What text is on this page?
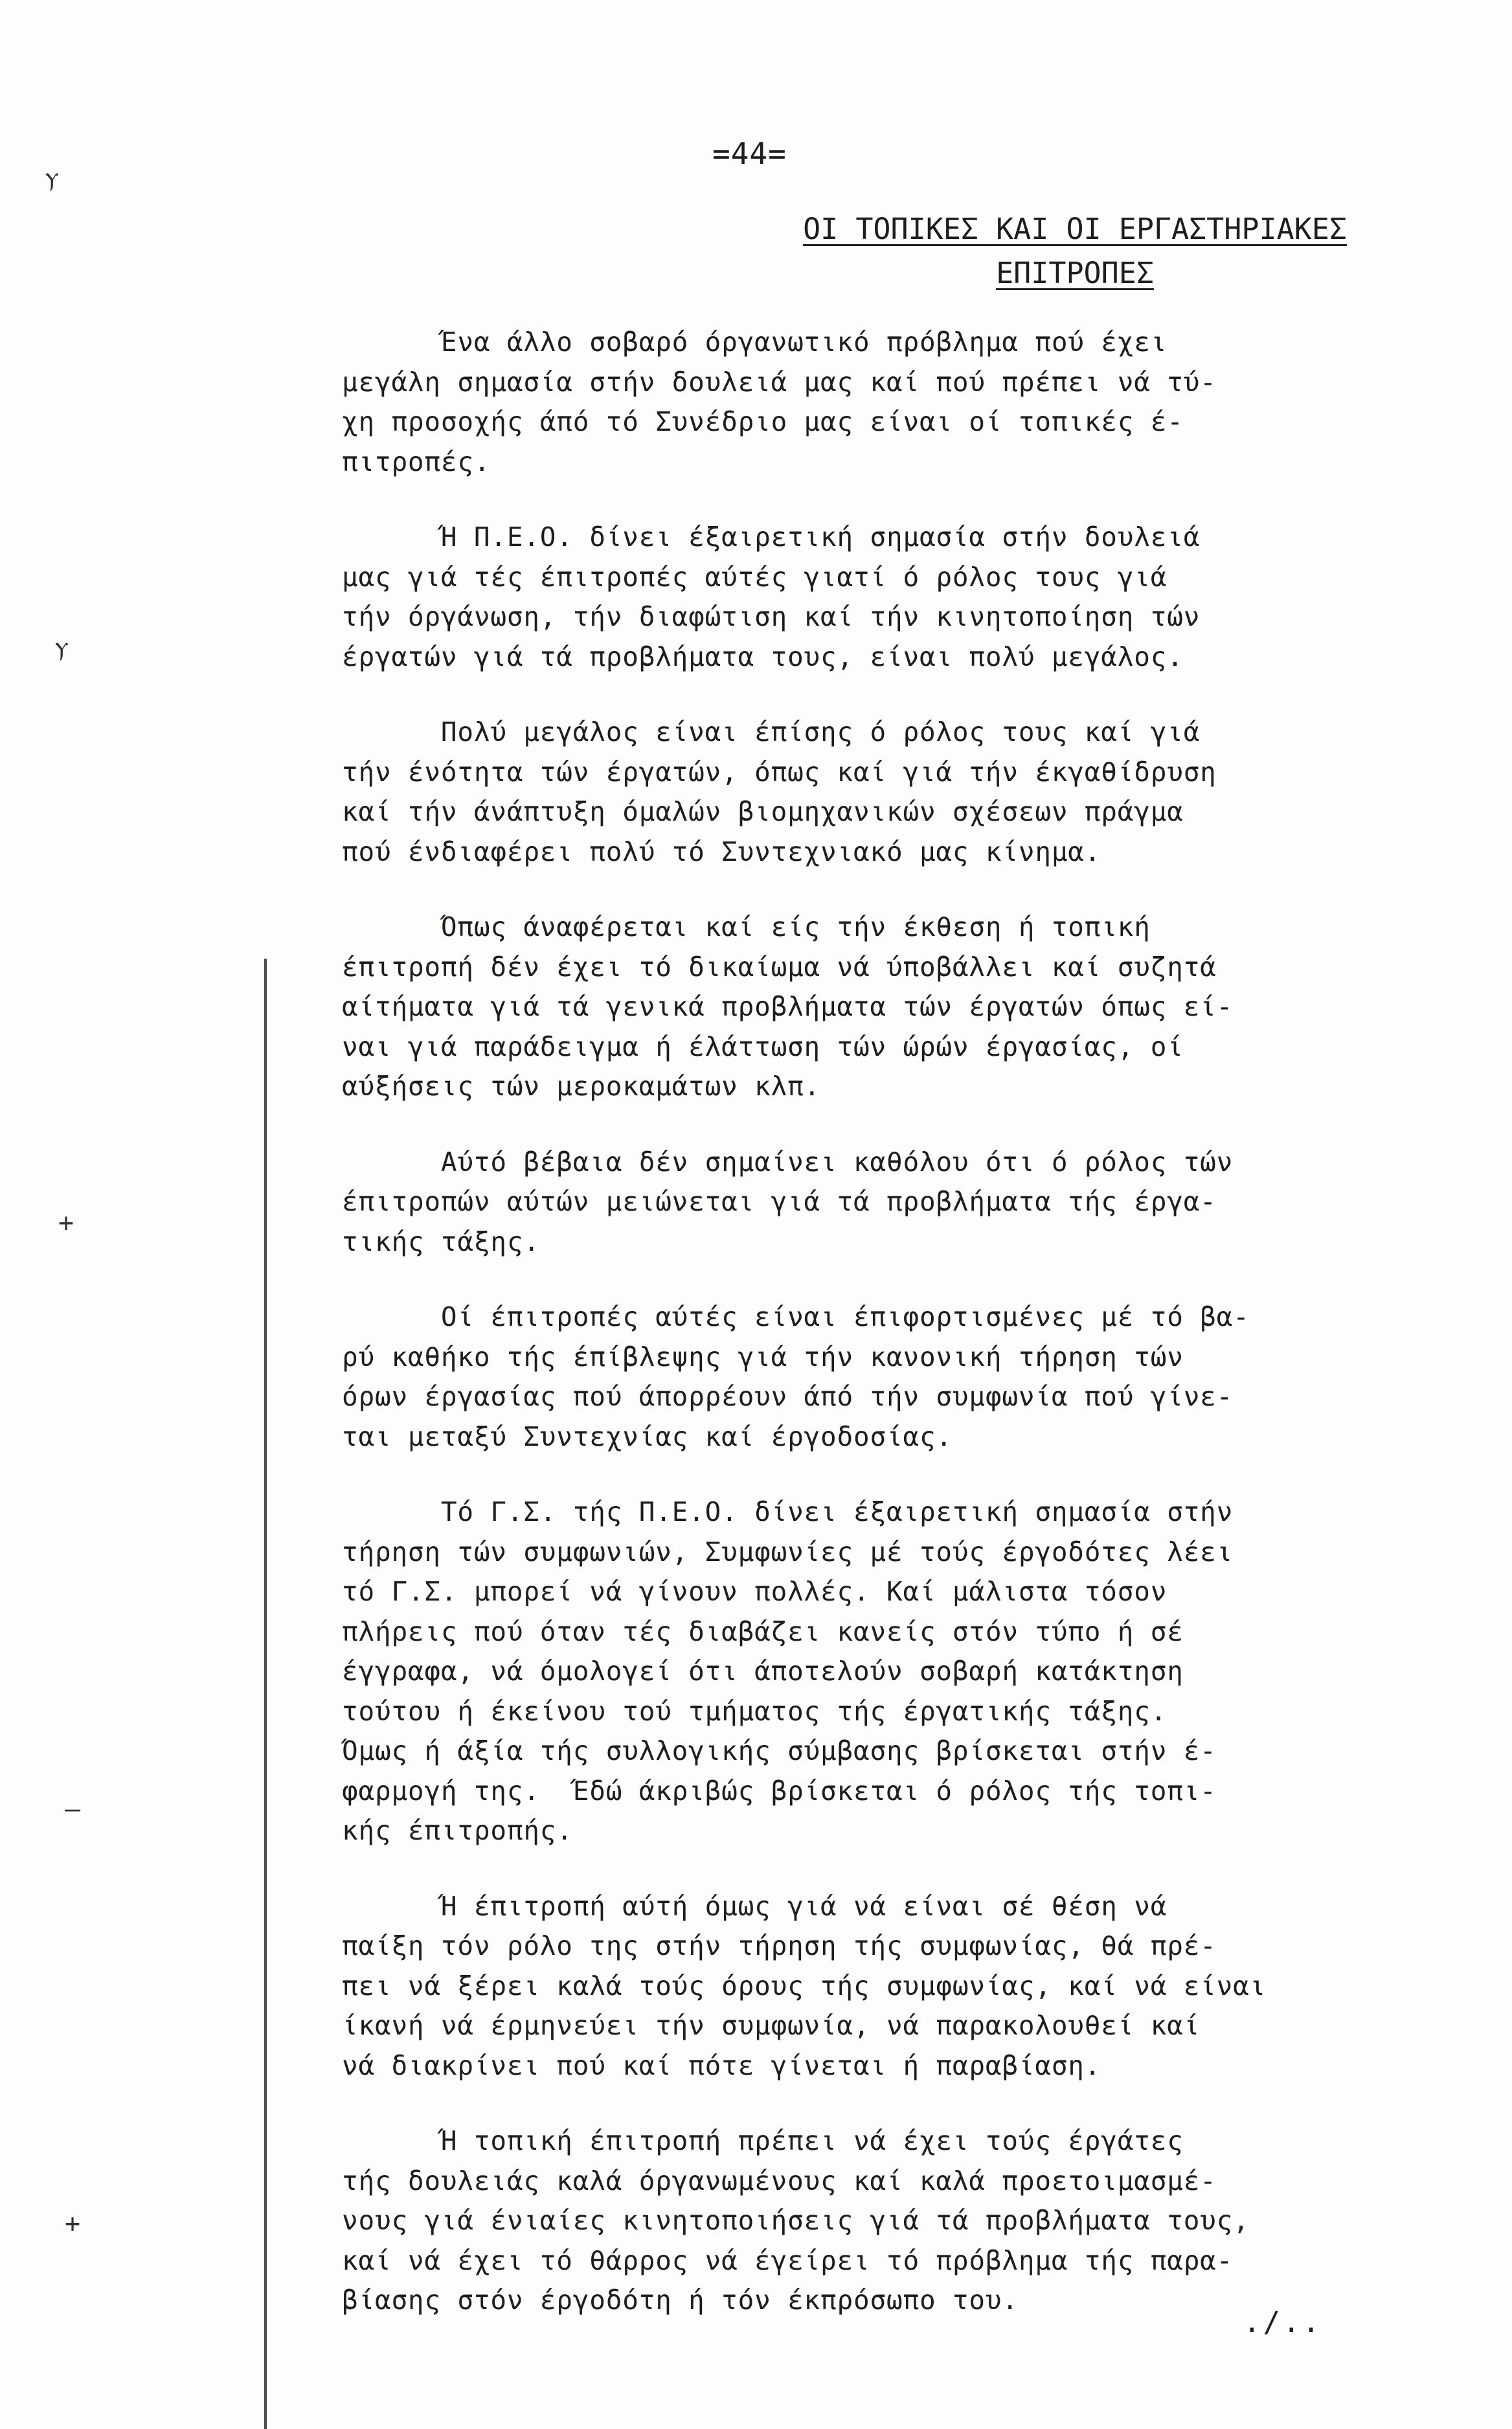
=44=
ΟΙ ΤΟΠΙΚΕΣ ΚΑΙ ΟΙ ΕΡΓΑΣΤΗΡΙΑΚΕΣ
ΕΠΙΤΡΟΠΕΣ
ⲩ
ⲩ
+
–
+

Ένα άλλο σοβαρό όργανωτικό πρόβλημα πού έχει
μεγάλη σημασία στήν δουλειά μας καί πού πρέπει νά τύ-
χη προσοχής άπό τό Συνέδριο μας είναι οί τοπικές έ-
πιτροπές.

Ή Π.Ε.Ο. δίνει έξαιρετική σημασία στήν δουλειά
μας γιά τές έπιτροπές αύτές γιατί ό ρόλος τους γιά
τήν όργάνωση, τήν διαφώτιση καί τήν κινητοποίηση τών
έργατών γιά τά προβλήματα τους, είναι πολύ μεγάλος.

Πολύ μεγάλος είναι έπίσης ό ρόλος τους καί γιά
τήν ένότητα τών έργατών, όπως καί γιά τήν έκγαθίδρυση
καί τήν άνάπτυξη όμαλών βιομηχανικών σχέσεων πράγμα
πού ένδιαφέρει πολύ τό Συντεχνιακό μας κίνημα.

Όπως άναφέρεται καί είς τήν έκθεση ή τοπική
έπιτροπή δέν έχει τό δικαίωμα νά ύποβάλλει καί συζητά
αίτήματα γιά τά γενικά προβλήματα τών έργατών όπως εί-
ναι γιά παράδειγμα ή έλάττωση τών ώρών έργασίας, οί
αύξήσεις τών μεροκαμάτων κλπ.

Αύτό βέβαια δέν σημαίνει καθόλου ότι ό ρόλος τών
έπιτροπών αύτών μειώνεται γιά τά προβλήματα τής έργα-
τικής τάξης.

Οί έπιτροπές αύτές είναι έπιφορτισμένες μέ τό βα-
ρύ καθήκο τής έπίβλεψης γιά τήν κανονική τήρηση τών
όρων έργασίας πού άπορρέουν άπό τήν συμφωνία πού γίνε-
ται μεταξύ Συντεχνίας καί έργοδοσίας.

Τό Γ.Σ. τής Π.Ε.Ο. δίνει έξαιρετική σημασία στήν
τήρηση τών συμφωνιών, Συμφωνίες μέ τούς έργοδότες λέει
τό Γ.Σ. μπορεί νά γίνουν πολλές. Καί μάλιστα τόσον
πλήρεις πού όταν τές διαβάζει κανείς στόν τύπο ή σέ
έγγραφα, νά όμολογεί ότι άποτελούν σοβαρή κατάκτηση
τούτου ή έκείνου τού τμήματος τής έργατικής τάξης.
Όμως ή άξία τής συλλογικής σύμβασης βρίσκεται στήν έ-
φαρμογή της.  Έδώ άκριβώς βρίσκεται ό ρόλος τής τοπι-
κής έπιτροπής.

Ή έπιτροπή αύτή όμως γιά νά είναι σέ θέση νά
παίξη τόν ρόλο της στήν τήρηση τής συμφωνίας, θά πρέ-
πει νά ξέρει καλά τούς όρους τής συμφωνίας, καί νά είναι
ίκανή νά έρμηνεύει τήν συμφωνία, νά παρακολουθεί καί
νά διακρίνει πού καί πότε γίνεται ή παραβίαση.

Ή τοπική έπιτροπή πρέπει νά έχει τούς έργάτες
τής δουλειάς καλά όργανωμένους καί καλά προετοιμασμέ-
νους γιά ένιαίες κινητοποιήσεις γιά τά προβλήματα τους,
καί νά έχει τό θάρρος νά έγείρει τό πρόβλημα τής παρα-
βίασης στόν έργοδότη ή τόν έκπρόσωπο του.

./..
